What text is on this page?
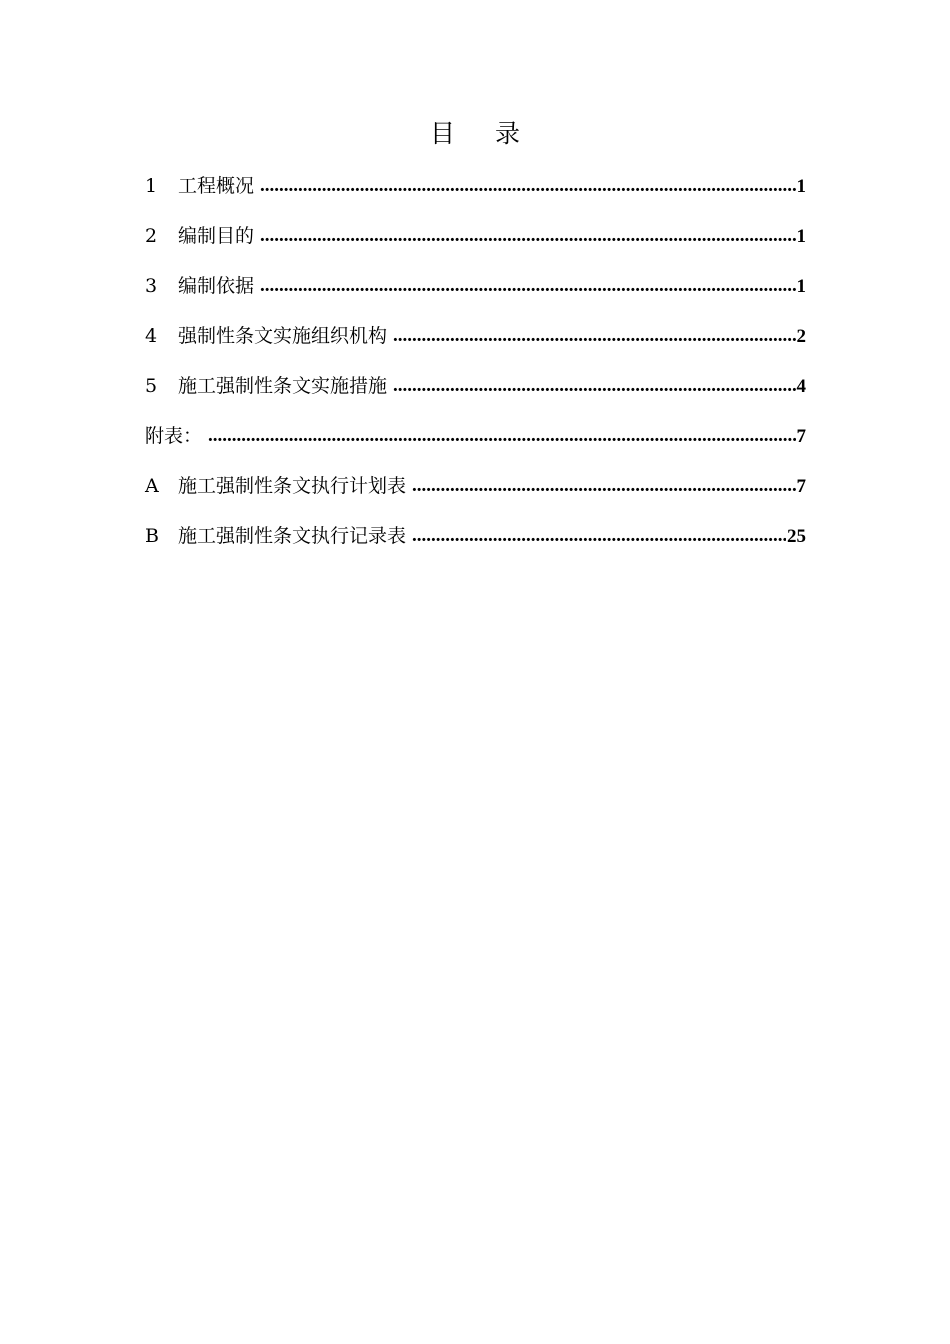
目 录
1	工程概况 .....	1
2	编制目的 .....	1
3	编制依据 .....	1
4	强制性条文实施组织机构 .....	2
5	施工强制性条文实施措施 .....	4
附表： .....	7
A	施工强制性条文执行计划表 .....	7
B	施工强制性条文执行记录表 .....	25
